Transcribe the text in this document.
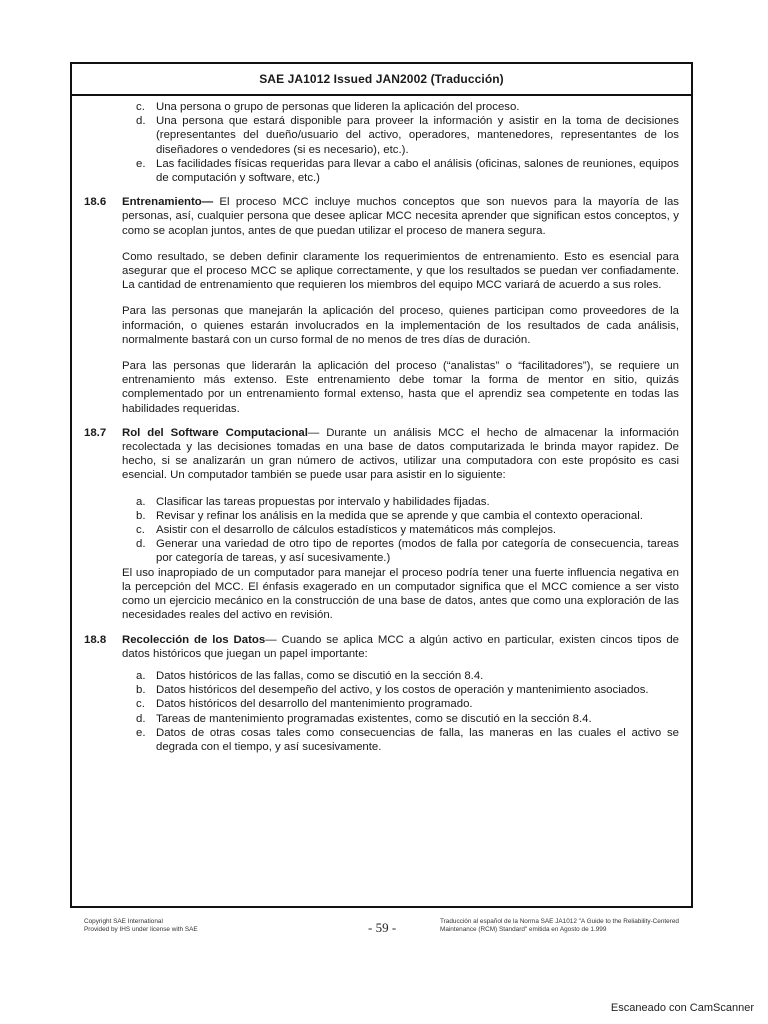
SAE JA1012 Issued JAN2002 (Traducción)
c. Una persona o grupo de personas que lideren la aplicación del proceso.
d. Una persona que estará disponible para proveer la información y asistir en la toma de decisiones (representantes del dueño/usuario del activo, operadores, mantenedores, representantes de los diseñadores o vendedores (si es necesario), etc.).
e. Las facilidades físicas requeridas para llevar a cabo el análisis (oficinas, salones de reuniones, equipos de computación y software, etc.)
18.6	Entrenamiento— El proceso MCC incluye muchos conceptos que son nuevos para la mayoría de las personas, así, cualquier persona que desee aplicar MCC necesita aprender que significan estos conceptos, y como se acoplan juntos, antes de que puedan utilizar el proceso de manera segura.

Como resultado, se deben definir claramente los requerimientos de entrenamiento. Esto es esencial para asegurar que el proceso MCC se aplique correctamente, y que los resultados se puedan ver confiadamente. La cantidad de entrenamiento que requieren los miembros del equipo MCC variará de acuerdo a sus roles.

Para las personas que manejarán la aplicación del proceso, quienes participan como proveedores de la información, o quienes estarán involucrados en la implementación de los resultados de cada análisis, normalmente bastará con un curso formal de no menos de tres días de duración.

Para las personas que liderarán la aplicación del proceso (“analistas” o “facilitadores”), se requiere un entrenamiento más extenso. Este entrenamiento debe tomar la forma de mentor en sitio, quizás complementado por un entrenamiento formal extenso, hasta que el aprendiz sea competente en todas las habilidades requeridas.

18.7	Rol del Software Computacional— Durante un análisis MCC el hecho de almacenar la información recolectada y las decisiones tomadas en una base de datos computarizada le brinda mayor rapidez. De hecho, si se analizarán un gran número de activos, utilizar una computadora con este propósito es casi esencial. Un computador también se puede usar para asistir en lo siguiente:

a. Clasificar las tareas propuestas por intervalo y habilidades fijadas.
b. Revisar y refinar los análisis en la medida que se aprende y que cambia el contexto operacional.
c. Asistir con el desarrollo de cálculos estadísticos y matemáticos más complejos.
d. Generar una variedad de otro tipo de reportes (modos de falla por categoría de consecuencia, tareas por categoría de tareas, y así sucesivamente.)

El uso inapropiado de un computador para manejar el proceso podría tener una fuerte influencia negativa en la percepción del MCC. El énfasis exagerado en un computador significa que el MCC comience a ser visto como un ejercicio mecánico en la construcción de una base de datos, antes que como una exploración de las necesidades reales del activo en revisión.

18.8	Recolección de los Datos— Cuando se aplica MCC a algún activo en particular, existen cincos tipos de datos históricos que juegan un papel importante:

a. Datos históricos de las fallas, como se discutió en la sección 8.4.
b. Datos históricos del desempeño del activo, y los costos de operación y mantenimiento asociados.
c. Datos históricos del desarrollo del mantenimiento programado.
d. Tareas de mantenimiento programadas existentes, como se discutió en la sección 8.4.
e. Datos de otras cosas tales como consecuencias de falla, las maneras en las cuales el activo se degrada con el tiempo, y así sucesivamente.
Copyright SAE International
Provided by IHS under license with SAE	- 59 -	Traducción al español de la Norma SAE JA1012 "A Guide to the Reliability-Centered
Maintenance (RCM) Standard" emitida en Agosto de 1.999
Escaneado con CamScanner
